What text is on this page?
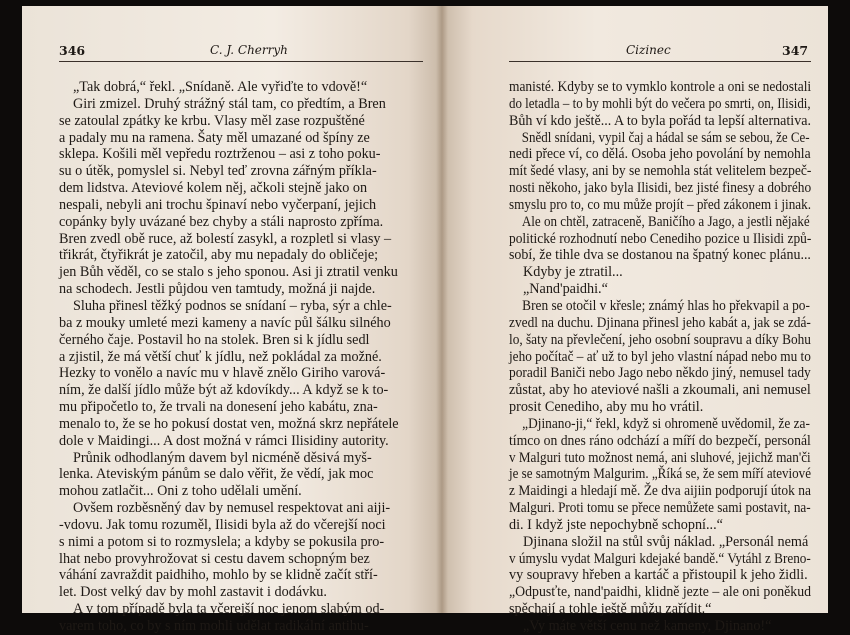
346	C. J. Cherryh
„Tak dobrá,“ řekl. „Snídaně. Ale vyřiďte to vdově!“
Giri zmizel. Druhý strážný stál tam, co předtím, a Bren
se zatoulal zpátky ke krbu. Vlasy měl zase rozpuštěné
a padaly mu na ramena. Šaty měl umazané od špíny ze
sklepa. Košili měl vepředu roztrženou – asi z toho poku-
su o útěk, pomyslel si. Nebyl teď zrovna zářným příkla-
dem lidstva. Ateviové kolem něj, ačkoli stejně jako on
nespali, nebyli ani trochu špinaví nebo vyčerpaní, jejich
copánky byly uvázané bez chyby a stáli naprosto zpříma.
Bren zvedl obě ruce, až bolestí zasykl, a rozpletl si vlasy –
třikrát, čtyřikrát je zatočil, aby mu nepadaly do obličeje;
jen Bůh věděl, co se stalo s jeho sponou. Asi ji ztratil venku
na schodech. Jestli půjdou ven tamtudy, možná ji najde.
Sluha přinesl těžký podnos se snídaní – ryba, sýr a chle-
ba z mouky umleté mezi kameny a navíc půl šálku silného
černého čaje. Postavil ho na stolek. Bren si k jídlu sedl
a zjistil, že má větší chuť k jídlu, než pokládal za možné.
Hezky to vonělo a navíc mu v hlavě znělo Giriho varová-
ním, že další jídlo může být až kdovíkdy... A když se k to-
mu připočetlo to, že trvali na donesení jeho kabátu, zna-
menalo to, že se ho pokusí dostat ven, možná skrz nepřátele
dole v Maidingi... A dost možná v rámci Ilisidiny autority.
Průnik odhodlaným davem byl nicméně děsivá myš-
lenka. Ateviským pánům se dalo věřit, že vědí, jak moc
mohou zatlačit... Oni z toho udělali umění.
Ovšem rozběsněný dav by nemusel respektovat ani aiji-
-vdovu. Jak tomu rozuměl, Ilisidi byla až do včerejší noci
s nimi a potom si to rozmyslela; a kdyby se pokusila pro-
lhat nebo provyhrožovat si cestu davem schopným bez
váhání zavraždit paidhiho, mohlo by se klidně začít stří-
let. Dost velký dav by mohl zastavit i dodávku.
A v tom případě byla ta včerejší noc jenom slabým od-
varem toho, co by s ním mohli udělat radikální antihu-
Cizinec	347
manisté. Kdyby se to vymklo kontrole a oni se nedostali
do letadla – to by mohli být do večera po smrti, on, Ilisidi,
Bůh ví kdo ještě... A to byla pořád ta lepší alternativa.
Snědl snídani, vypil čaj a hádal se sám se sebou, že Ce-
nedi přece ví, co dělá. Osoba jeho povolání by nemohla
mít šedé vlasy, ani by se nemohla stát velitelem bezpeč-
nosti někoho, jako byla Ilisidi, bez jisté finesy a dobrého
smyslu pro to, co mu může projít – před zákonem i jinak.
Ale on chtěl, zatraceně, Baničího a Jago, a jestli nějaké
politické rozhodnutí nebo Cenediho pozice u Ilisidi způ-
sobí, že tihle dva se dostanou na špatný konec plánu...
Kdyby je ztratil...
„Nand'paidhi.“
Bren se otočil v křesle; známý hlas ho překvapil a po-
zvedl na duchu. Djinana přinesl jeho kabát a, jak se zdá-
lo, šaty na převlečení, jeho osobní soupravu a díky Bohu
jeho počítač – ať už to byl jeho vlastní nápad nebo mu to
poradil Baniči nebo Jago nebo někdo jiný, nemusel tady
zůstat, aby ho ateviové našli a zkoumali, ani nemusel
prosit Cenediho, aby mu ho vrátil.
„Djinano-ji,“ řekl, když si ohromeně uvědomil, že za-
tímco on dnes ráno odchází a míří do bezpečí, personál
v Malguri tuto možnost nemá, ani sluhové, jejichž man'či
je se samotným Malgurim. „Říká se, že sem míří ateviové
z Maidingi a hledají mě. Že dva aijiin podporují útok na
Malguri. Proti tomu se přece nemůžete sami postavit, na-
di. I když jste nepochybně schopní...“
Djinana složil na stůl svůj náklad. „Personál nemá
v úmyslu vydat Malguri kdejaké bandě.“ Vytáhl z Breno-
vy soupravy hřeben a kartáč a přistoupil k jeho židli.
„Odpusťte, nand'paidhi, klidně jezte – ale oni poněkud
spěchají a tohle ještě můžu zařídit.“
„Vy máte větší cenu než kameny, Djinano!“
